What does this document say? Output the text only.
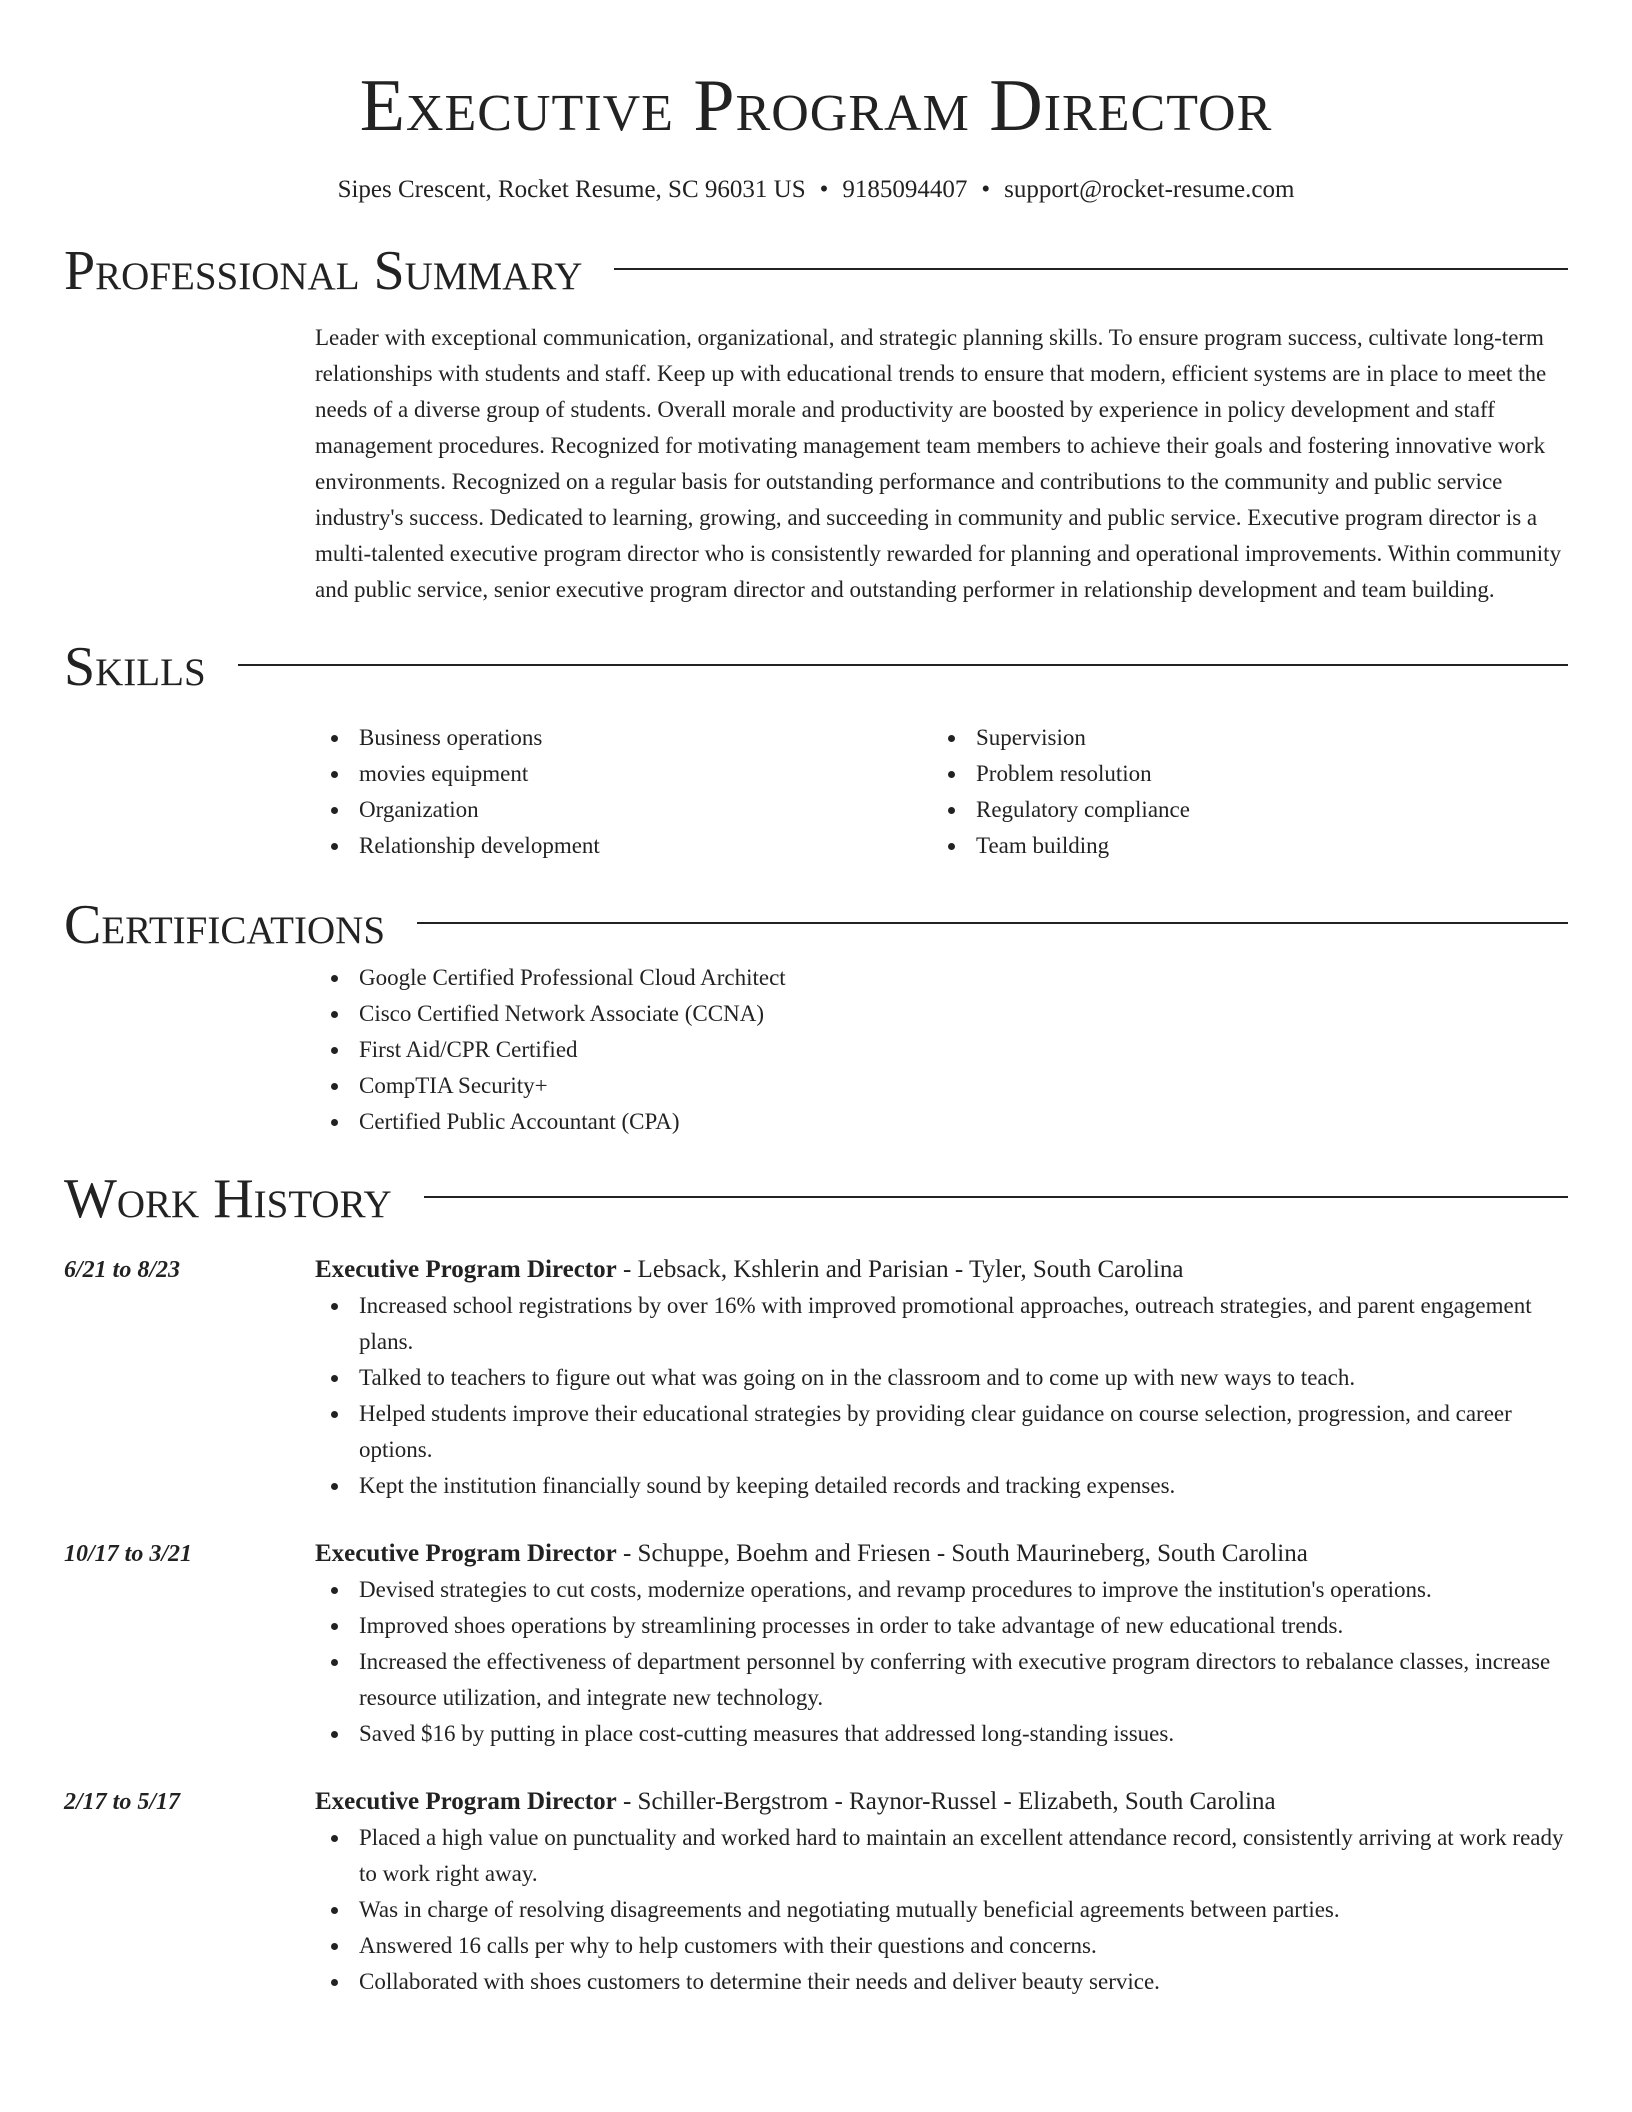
Executive Program Director
Sipes Crescent, Rocket Resume, SC 96031 US • 9185094407 • support@rocket-resume.com
Professional Summary

Leader with exceptional communication, organizational, and strategic planning skills. To ensure program success, cultivate long-term relationships with students and staff. Keep up with educational trends to ensure that modern, efficient systems are in place to meet the needs of a diverse group of students. Overall morale and productivity are boosted by experience in policy development and staff management procedures. Recognized for motivating management team members to achieve their goals and fostering innovative work environments. Recognized on a regular basis for outstanding performance and contributions to the community and public service industry's success. Dedicated to learning, growing, and succeeding in community and public service. Executive program director is a multi-talented executive program director who is consistently rewarded for planning and operational improvements. Within community and public service, senior executive program director and outstanding performer in relationship development and team building.

Skills
Business operations
movies equipment
Organization
Relationship development
Supervision
Problem resolution
Regulatory compliance
Team building
Certifications
Google Certified Professional Cloud Architect
Cisco Certified Network Associate (CCNA)
First Aid/CPR Certified
CompTIA Security+
Certified Public Accountant (CPA)
Work History
6/21 to 8/23	Executive Program Director - Lebsack, Kshlerin and Parisian - Tyler, South Carolina
Increased school registrations by over 16% with improved promotional approaches, outreach strategies, and parent engagement plans.
Talked to teachers to figure out what was going on in the classroom and to come up with new ways to teach.
Helped students improve their educational strategies by providing clear guidance on course selection, progression, and career options.
Kept the institution financially sound by keeping detailed records and tracking expenses.
10/17 to 3/21	Executive Program Director - Schuppe, Boehm and Friesen - South Maurineberg, South Carolina
Devised strategies to cut costs, modernize operations, and revamp procedures to improve the institution's operations.
Improved shoes operations by streamlining processes in order to take advantage of new educational trends.
Increased the effectiveness of department personnel by conferring with executive program directors to rebalance classes, increase resource utilization, and integrate new technology.
Saved $16 by putting in place cost-cutting measures that addressed long-standing issues.
2/17 to 5/17	Executive Program Director - Schiller-Bergstrom - Raynor-Russel - Elizabeth, South Carolina
Placed a high value on punctuality and worked hard to maintain an excellent attendance record, consistently arriving at work ready to work right away.
Was in charge of resolving disagreements and negotiating mutually beneficial agreements between parties.
Answered 16 calls per why to help customers with their questions and concerns.
Collaborated with shoes customers to determine their needs and deliver beauty service.
